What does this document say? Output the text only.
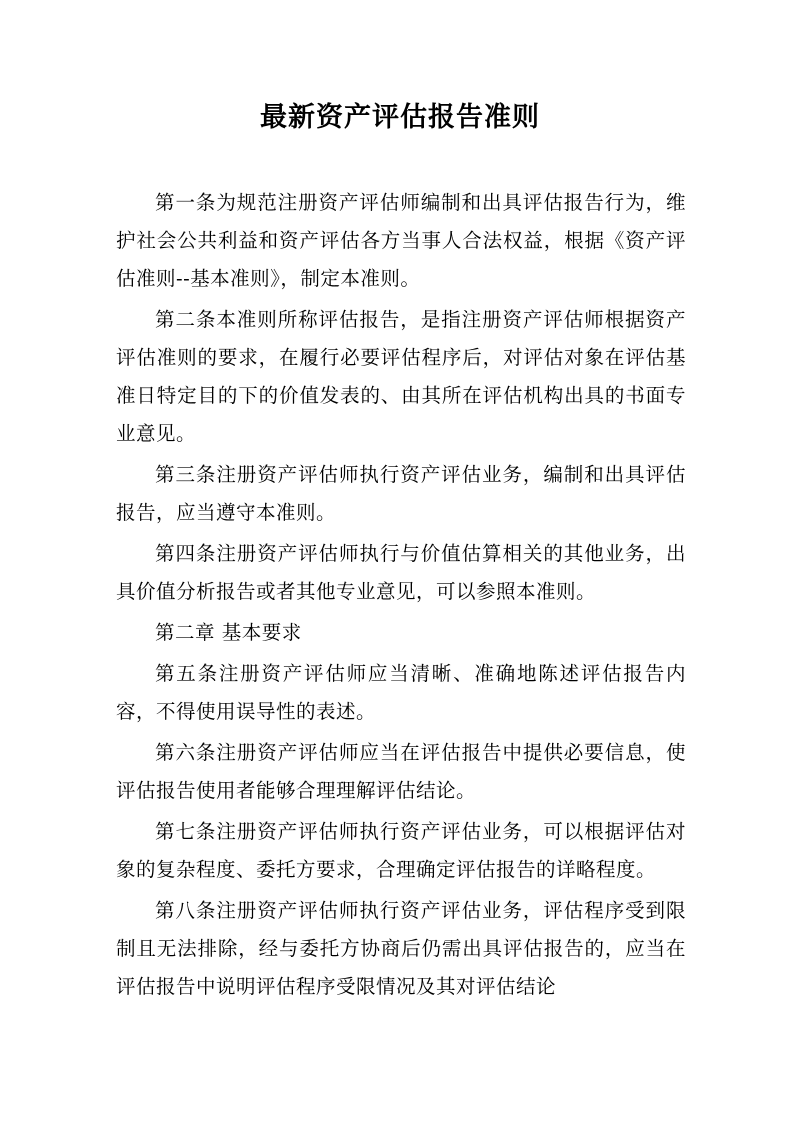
最新资产评估报告准则

第一条为规范注册资产评估师编制和出具评估报告行为，维护社会公共利益和资产评估各方当事人合法权益，根据《资产评估准则--基本准则》，制定本准则。

第二条本准则所称评估报告，是指注册资产评估师根据资产评估准则的要求，在履行必要评估程序后，对评估对象在评估基准日特定目的下的价值发表的、由其所在评估机构出具的书面专业意见。

第三条注册资产评估师执行资产评估业务，编制和出具评估报告，应当遵守本准则。

第四条注册资产评估师执行与价值估算相关的其他业务，出具价值分析报告或者其他专业意见，可以参照本准则。

第二章 基本要求

第五条注册资产评估师应当清晰、准确地陈述评估报告内容，不得使用误导性的表述。

第六条注册资产评估师应当在评估报告中提供必要信息，使评估报告使用者能够合理理解评估结论。

第七条注册资产评估师执行资产评估业务，可以根据评估对象的复杂程度、委托方要求，合理确定评估报告的详略程度。

第八条注册资产评估师执行资产评估业务，评估程序受到限制且无法排除，经与委托方协商后仍需出具评估报告的，应当在评估报告中说明评估程序受限情况及其对评估结论
